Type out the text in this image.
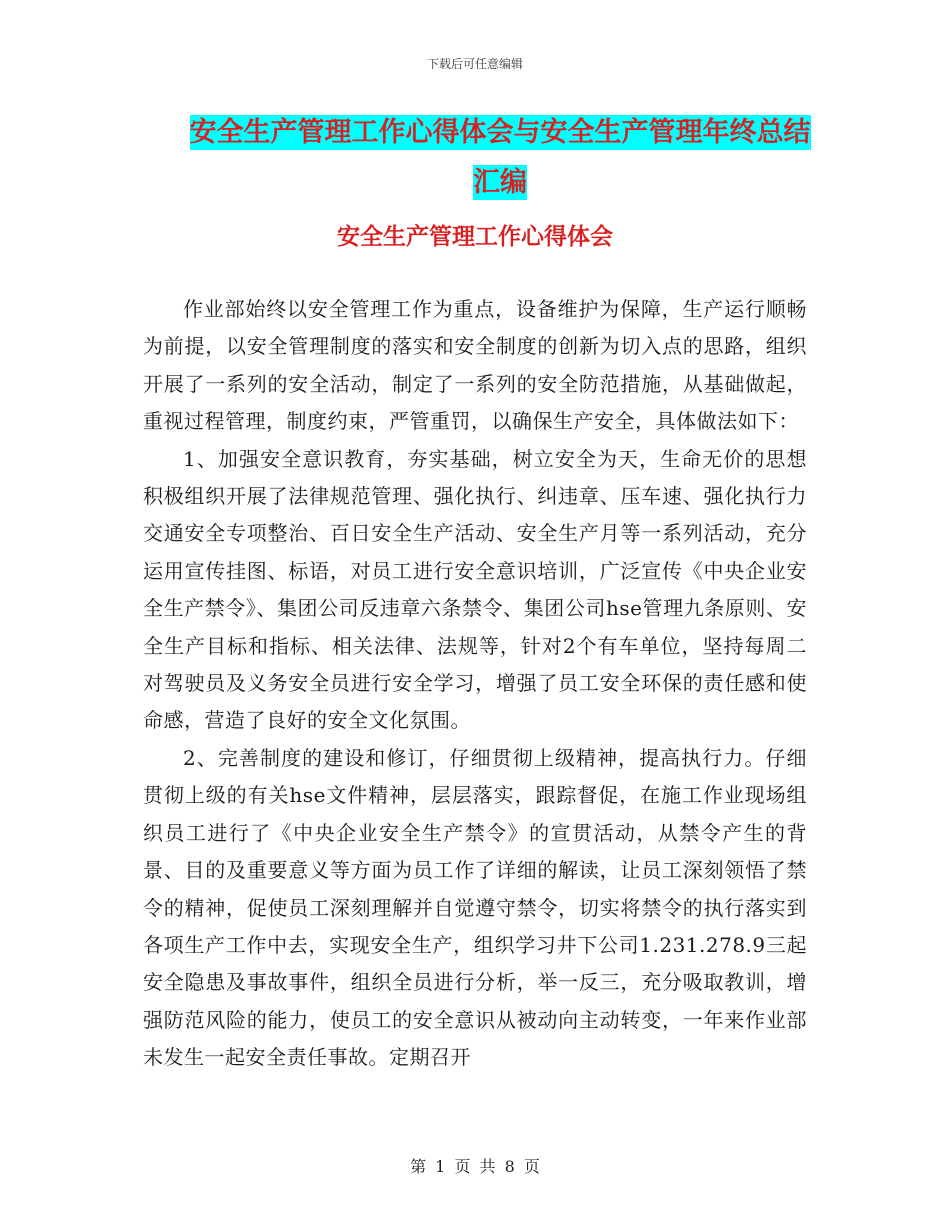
下载后可任意编辑
安全生产管理工作心得体会与安全生产管理年终总结
汇编
安全生产管理工作心得体会

作业部始终以安全管理工作为重点，设备维护为保障，生产运行顺畅为前提，以安全管理制度的落实和安全制度的创新为切入点的思路，组织开展了一系列的安全活动，制定了一系列的安全防范措施，从基础做起，重视过程管理，制度约束，严管重罚，以确保生产安全，具体做法如下：

1、加强安全意识教育，夯实基础，树立安全为天，生命无价的思想积极组织开展了法律规范管理、强化执行、纠违章、压车速、强化执行力交通安全专项整治、百日安全生产活动、安全生产月等一系列活动，充分运用宣传挂图、标语，对员工进行安全意识培训，广泛宣传《中央企业安全生产禁令》、集团公司反违章六条禁令、集团公司hse管理九条原则、安全生产目标和指标、相关法律、法规等，针对2个有车单位，坚持每周二对驾驶员及义务安全员进行安全学习，增强了员工安全环保的责任感和使命感，营造了良好的安全文化氛围。

2、完善制度的建设和修订，仔细贯彻上级精神，提高执行力。仔细贯彻上级的有关hse文件精神，层层落实，跟踪督促，在施工作业现场组织员工进行了《中央企业安全生产禁令》的宣贯活动，从禁令产生的背景、目的及重要意义等方面为员工作了详细的解读，让员工深刻领悟了禁令的精神，促使员工深刻理解并自觉遵守禁令，切实将禁令的执行落实到各项生产工作中去，实现安全生产，组织学习井下公司1.231.278.9三起安全隐患及事故事件，组织全员进行分析，举一反三，充分吸取教训，增强防范风险的能力，使员工的安全意识从被动向主动转变，一年来作业部未发生一起安全责任事故。定期召开

第 1 页 共 8 页
